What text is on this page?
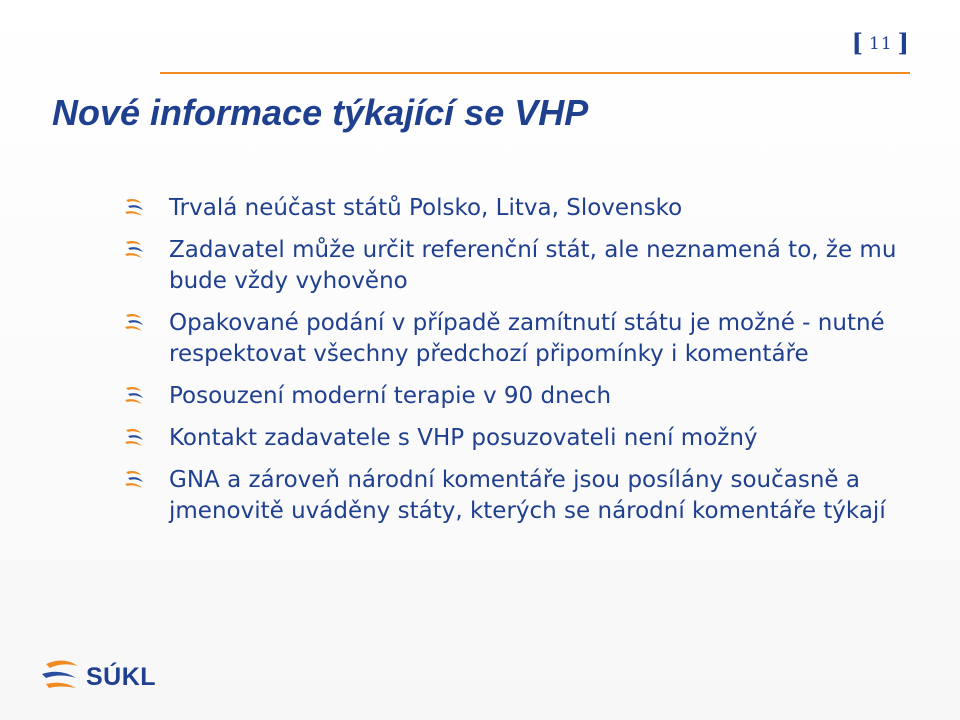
[ 11 ]
Nové informace týkající se VHP
Trvalá neúčast států Polsko, Litva, Slovensko
Zadavatel může určit referenční stát, ale neznamená to, že mu bude vždy vyhověno
Opakované podání v případě zamítnutí státu je možné - nutné respektovat všechny předchozí připomínky i komentáře
Posouzení moderní terapie v 90 dnech
Kontakt zadavatele s VHP posuzovateli není možný
GNA a zároveň národní komentáře jsou posílány současně a jmenovitě uváděny státy, kterých se národní komentáře týkají
SÚKL
